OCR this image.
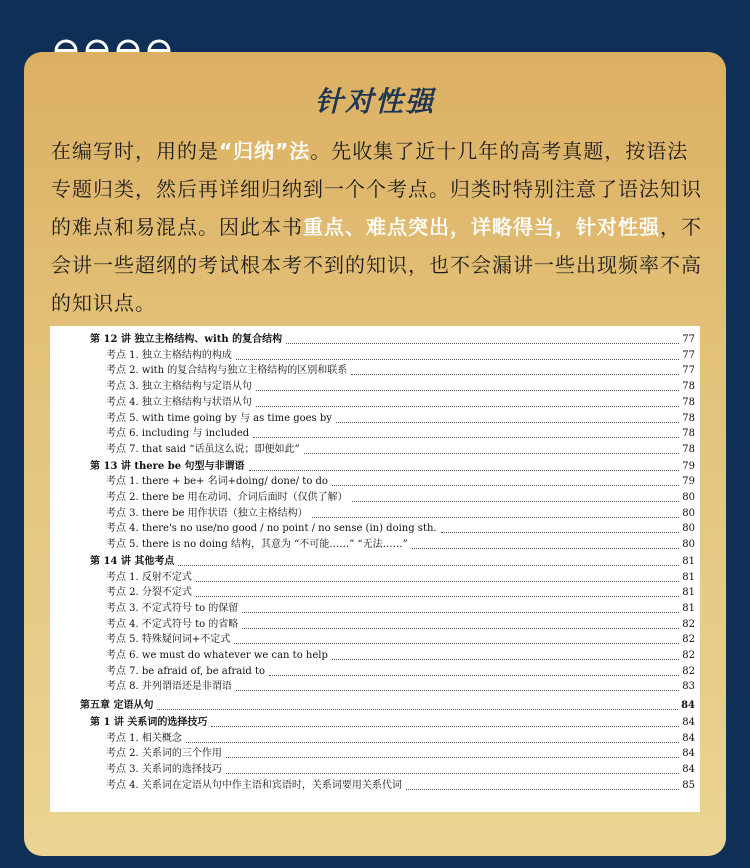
针对性强
在编写时，用的是“归纳”法。先收集了近十几年的高考真题，按语法专题归类，然后再详细归纳到一个个考点。归类时特别注意了语法知识的难点和易混点。因此本书重点、难点突出，详略得当，针对性强，不会讲一些超纲的考试根本考不到的知识，也不会漏讲一些出现频率不高的知识点。
第 12 讲 独立主格结构、with 的复合结构	77
考点 1. 独立主格结构的构成	77
考点 2. with 的复合结构与独立主格结构的区别和联系	77
考点 3. 独立主格结构与定语从句	78
考点 4. 独立主格结构与状语从句	78
考点 5. with time going by 与 as time goes by	78
考点 6. including 与 included	78
考点 7. that said “话虽这么说；即便如此”	78
第 13 讲 there be 句型与非谓语	79
考点 1. there + be+ 名词+doing/ done/ to do	79
考点 2. there be 用在动词、介词后面时（仅供了解）	80
考点 3. there be 用作状语（独立主格结构）	80
考点 4. there's no use/no good / no point / no sense (in) doing sth.	80
考点 5. there is no doing 结构，其意为 “不可能……” “无法……”	80
第 14 讲 其他考点	81
考点 1. 反射不定式	81
考点 2. 分裂不定式	81
考点 3. 不定式符号 to 的保留	81
考点 4. 不定式符号 to 的省略	82
考点 5. 特殊疑问词+不定式	82
考点 6. we must do whatever we can to help	82
考点 7. be afraid of, be afraid to	82
考点 8. 并列谓语还是非谓语	83
第五章 定语从句	84
第 1 讲 关系词的选择技巧	84
考点 1. 相关概念	84
考点 2. 关系词的三个作用	84
考点 3. 关系词的选择技巧	84
考点 4. 关系词在定语从句中作主语和宾语时，关系词要用关系代词	85
